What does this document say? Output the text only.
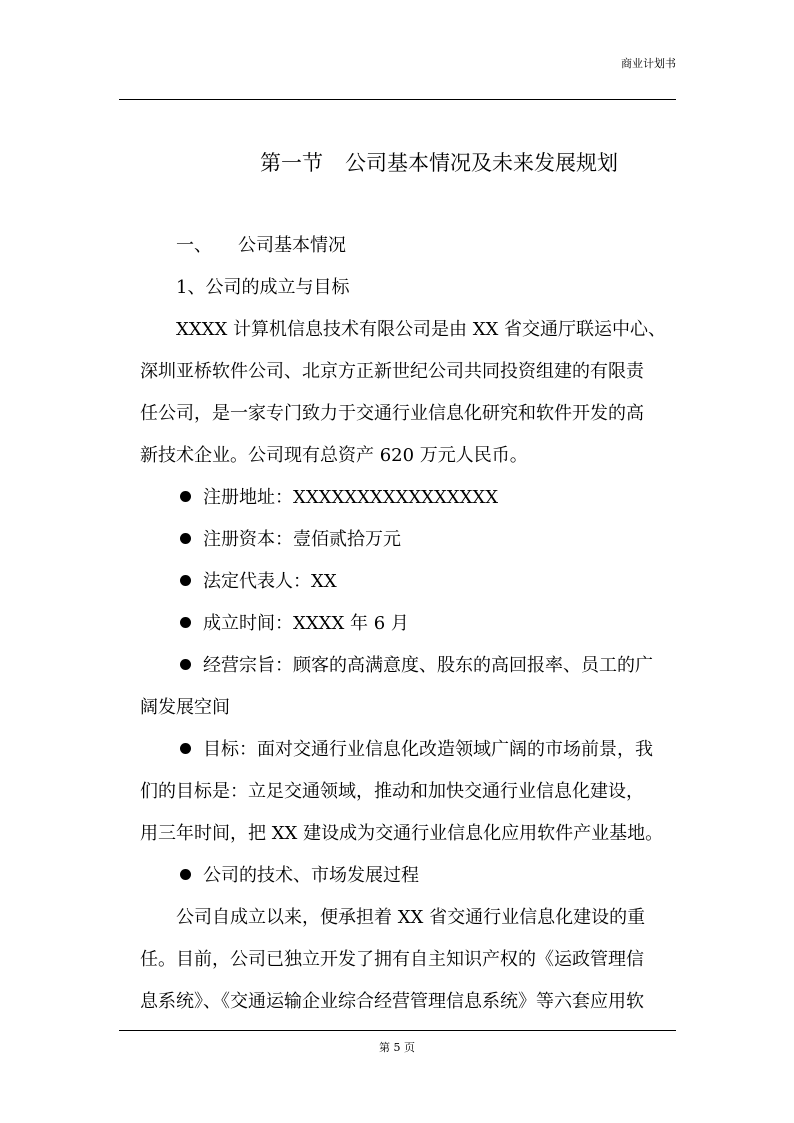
商业计划书
第一节 公司基本情况及未来发展规划
一、 公司基本情况
1、公司的成立与目标
XXXX 计算机信息技术有限公司是由 XX 省交通厅联运中心、
深圳亚桥软件公司、北京方正新世纪公司共同投资组建的有限责
任公司，是一家专门致力于交通行业信息化研究和软件开发的高
新技术企业。公司现有总资产 620 万元人民币。
注册地址：XXXXXXXXXXXXXXXX
注册资本：壹佰贰拾万元
法定代表人：XX
成立时间：XXXX 年 6 月
经营宗旨：顾客的高满意度、股东的高回报率、员工的广
阔发展空间
目标：面对交通行业信息化改造领域广阔的市场前景，我
们的目标是：立足交通领域，推动和加快交通行业信息化建设，
用三年时间，把 XX 建设成为交通行业信息化应用软件产业基地。
公司的技术、市场发展过程
公司自成立以来，便承担着 XX 省交通行业信息化建设的重
任。目前，公司已独立开发了拥有自主知识产权的《运政管理信
息系统》、《交通运输企业综合经营管理信息系统》等六套应用软
第 5 页
